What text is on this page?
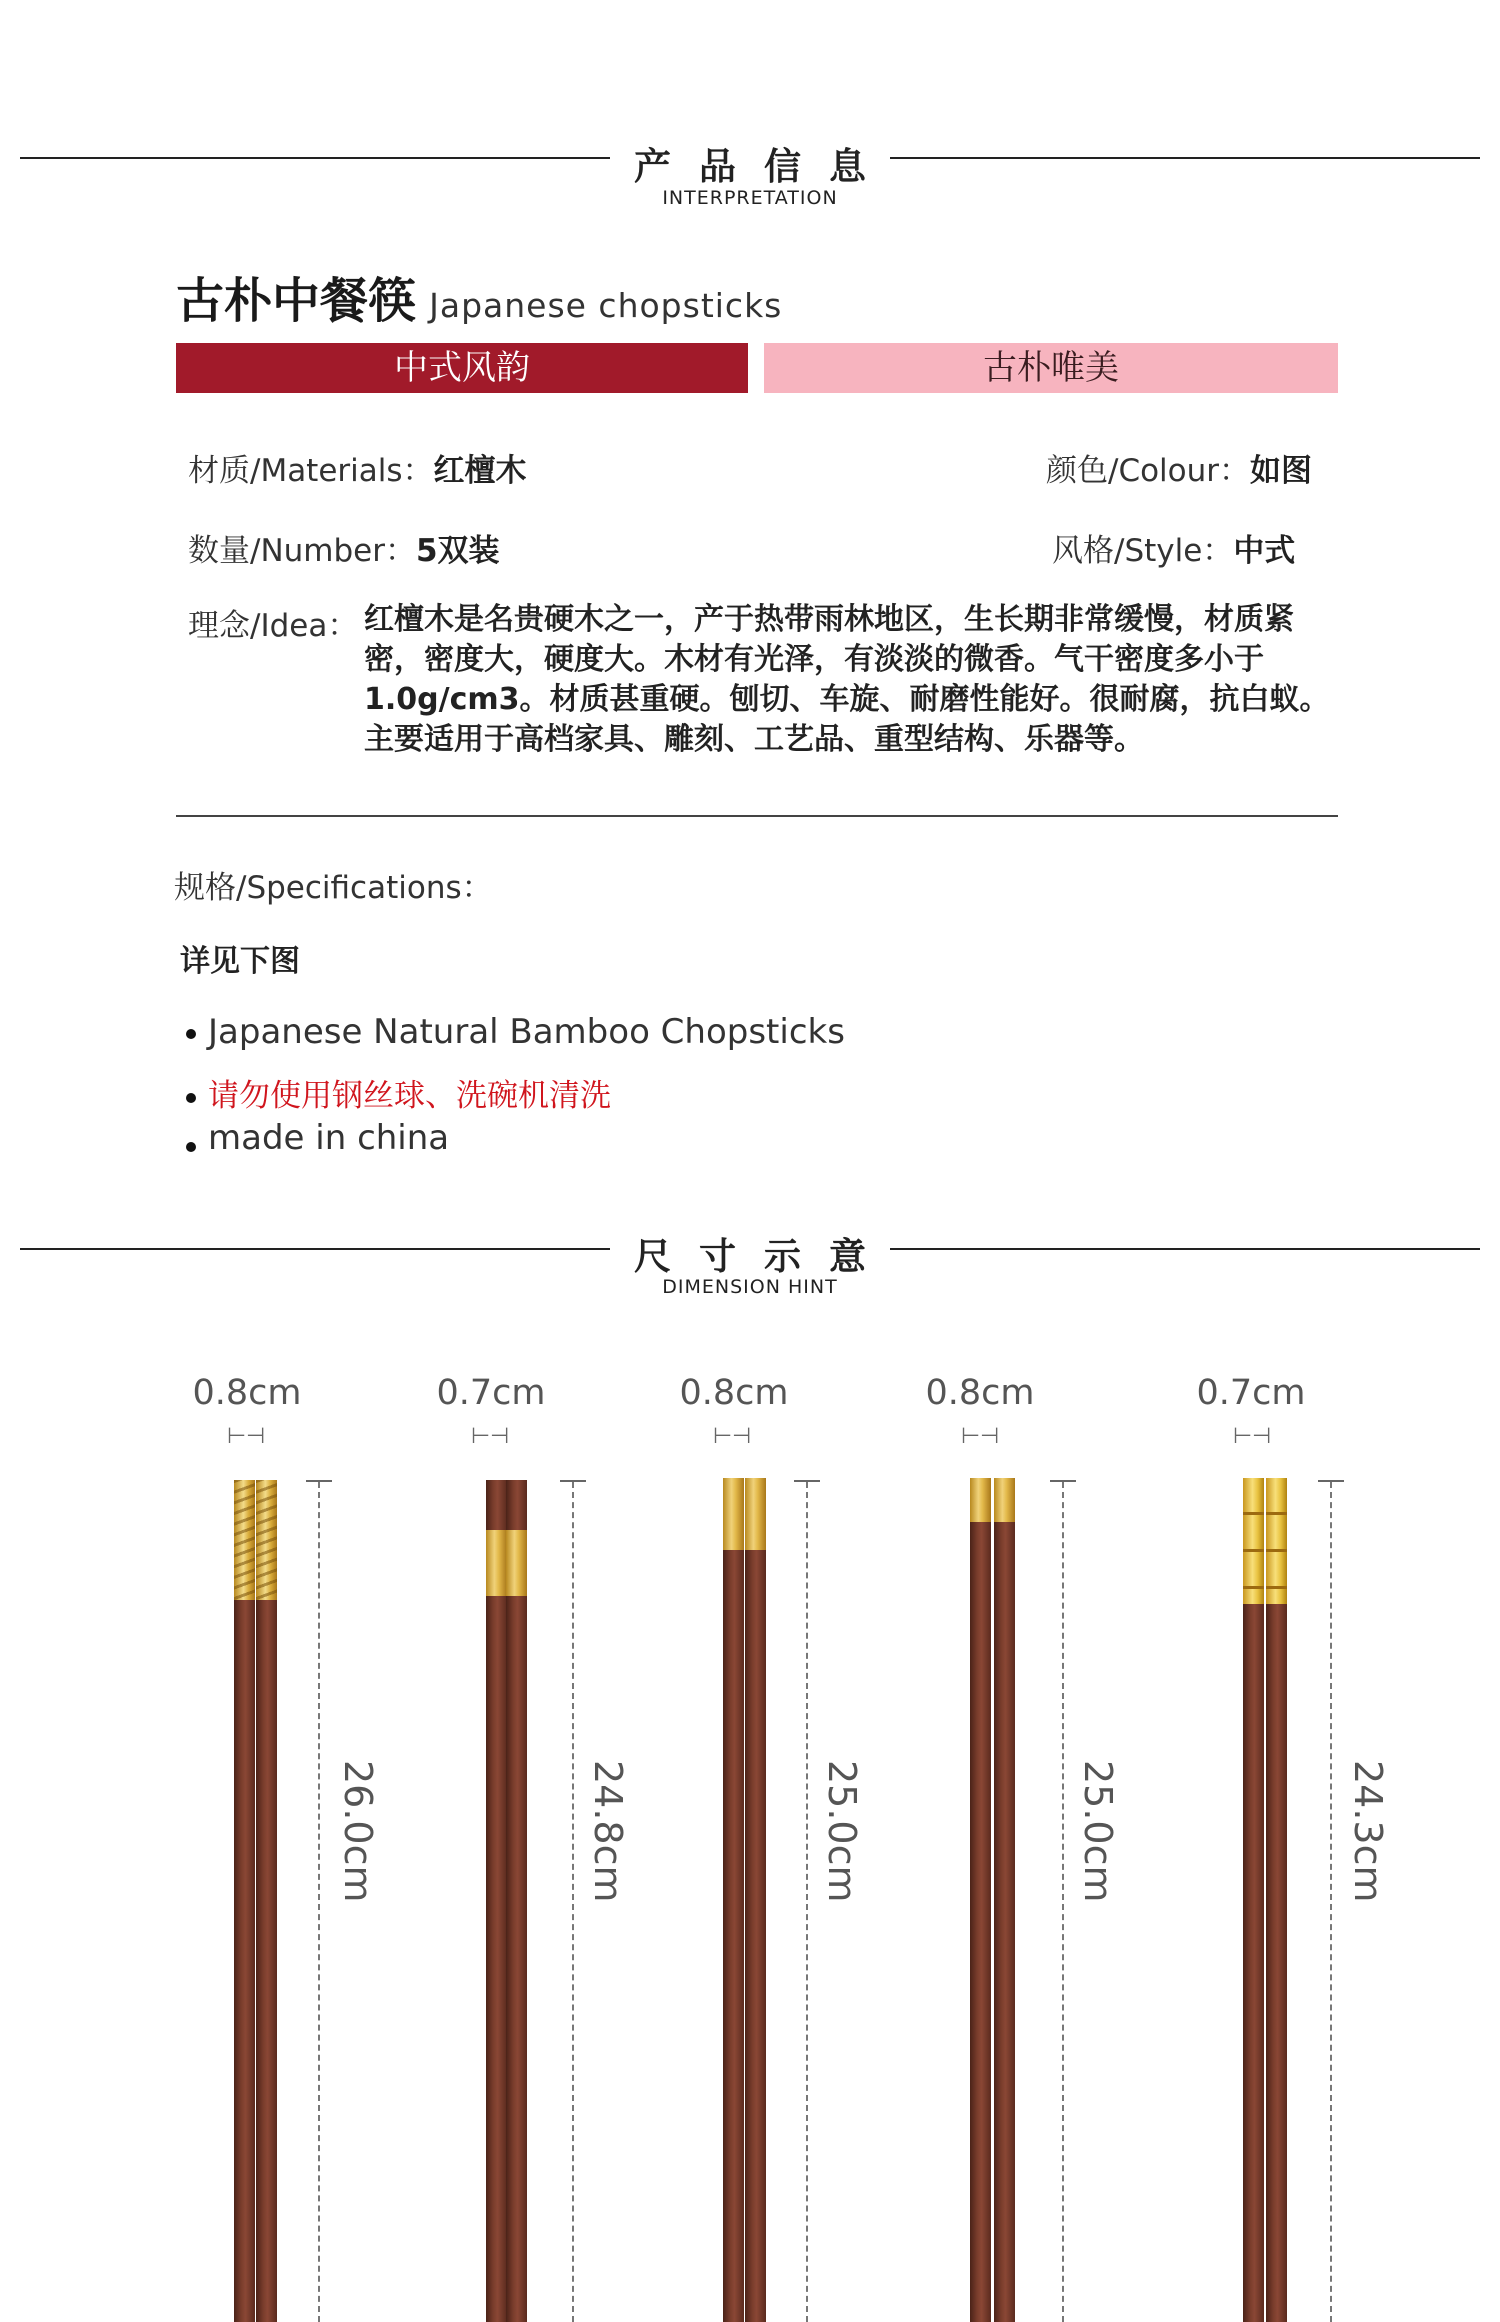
产品信息
INTERPRETATION
古朴中餐筷 Japanese chopsticks
中式风韵	古朴唯美
材质/Materials：红檀木	颜色/Colour：如图
数量/Number：5双装	风格/Style：中式
理念/Idea： 红檀木是名贵硬木之一，产于热带雨林地区，生长期非常缓慢，材质紧密，密度大，硬度大。木材有光泽，有淡淡的微香。气干密度多小于1.0g/cm3。材质甚重硬。刨切、车旋、耐磨性能好。很耐腐，抗白蚁。主要适用于高档家具、雕刻、工艺品、重型结构、乐器等。
规格/Specifications：
详见下图
Japanese Natural Bamboo Chopsticks
请勿使用钢丝球、洗碗机清洗
made in china
尺寸示意
DIMENSION HINT
0.8cm
⊢⊣
26.0cm
0.7cm
⊢⊣
24.8cm
0.8cm
⊢⊣
25.0cm
0.8cm
⊢⊣
25.0cm
0.7cm
⊢⊣
24.3cm
